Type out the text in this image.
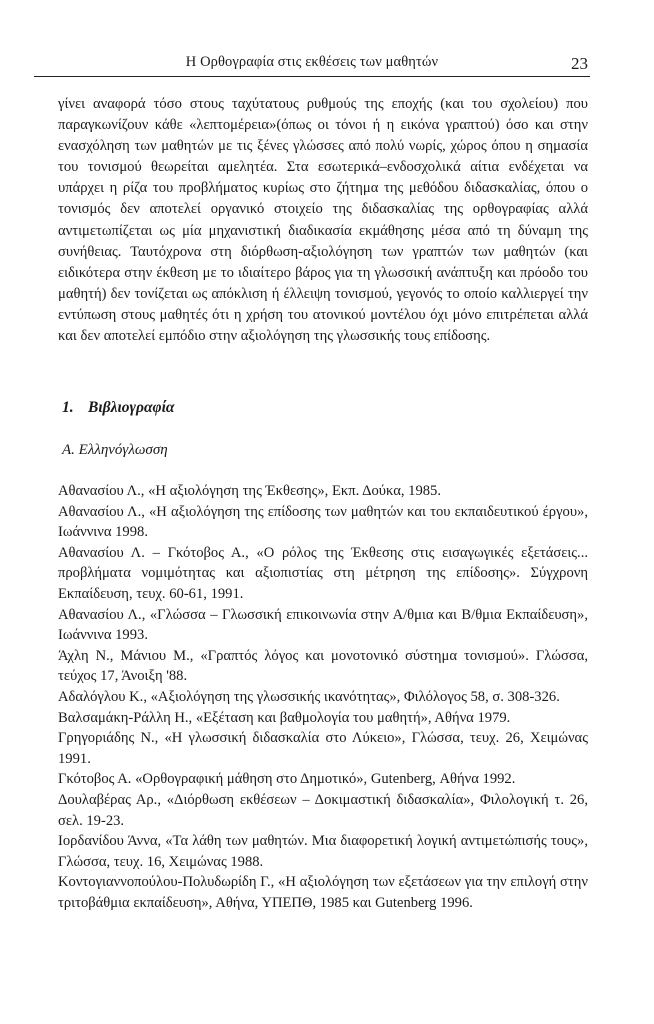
Η Ορθογραφία στις εκθέσεις των μαθητών	23

γίνει αναφορά τόσο στους ταχύτατους ρυθμούς της εποχής (και του σχολείου) που παραγκωνίζουν κάθε «λεπτομέρεια»(όπως οι τόνοι ή η εικόνα γραπτού) όσο και στην ενασχόληση των μαθητών με τις ξένες γλώσσες από πολύ νωρίς, χώρος όπου η σημασία του τονισμού θεωρείται αμελητέα. Στα εσωτερικά–ενδοσχολικά αίτια ενδέχεται να υπάρχει η ρίζα του προβλήματος κυρίως στο ζήτημα της μεθόδου διδασκαλίας, όπου ο τονισμός δεν αποτελεί οργανικό στοιχείο της διδασκαλίας της ορθογραφίας αλλά αντιμετωπίζεται ως μία μηχανιστική διαδικασία εκμάθησης μέσα από τη δύναμη της συνήθειας. Ταυτόχρονα στη διόρθωση-αξιολόγηση των γραπτών των μαθητών (και ειδικότερα στην έκθεση με το ιδιαίτερο βάρος για τη γλωσσική ανάπτυξη και πρόοδο του μαθητή) δεν τονίζεται ως απόκλιση ή έλλειψη τονισμού, γεγονός το οποίο καλλιεργεί την εντύπωση στους μαθητές ότι η χρήση του ατονικού μοντέλου όχι μόνο επιτρέπεται αλλά και δεν αποτελεί εμπόδιο στην αξιολόγηση της γλωσσικής τους επίδοσης.

1. Βιβλιογραφία
Α. Ελληνόγλωσση
Αθανασίου Λ., «Η αξιολόγηση της Έκθεσης», Εκπ. Δούκα, 1985.
Αθανασίου Λ., «Η αξιολόγηση της επίδοσης των μαθητών και του εκπαιδευτικού έργου», Ιωάννινα 1998.
Αθανασίου Λ. – Γκότοβος Α., «Ο ρόλος της Έκθεσης στις εισαγωγικές εξετάσεις... προβλήματα νομιμότητας και αξιοπιστίας στη μέτρηση της επίδοσης». Σύγχρονη Εκπαίδευση, τευχ. 60-61, 1991.
Αθανασίου Λ., «Γλώσσα – Γλωσσική επικοινωνία στην Α/θμια και Β/θμια Εκπαίδευση», Ιωάννινα 1993.
Άχλη Ν., Μάνιου Μ., «Γραπτός λόγος και μονοτονικό σύστημα τονισμού». Γλώσσα, τεύχος 17, Άνοιξη '88.
Αδαλόγλου Κ., «Αξιολόγηση της γλωσσικής ικανότητας», Φιλόλογος 58, σ. 308-326.
Βαλσαμάκη-Ράλλη Η., «Εξέταση και βαθμολογία του μαθητή», Αθήνα 1979.
Γρηγοριάδης Ν., «Η γλωσσική διδασκαλία στο Λύκειο», Γλώσσα, τευχ. 26, Χειμώνας 1991.
Γκότοβος Α. «Ορθογραφική μάθηση στο Δημοτικό», Gutenberg, Αθήνα 1992.
Δουλαβέρας Αρ., «Διόρθωση εκθέσεων – Δοκιμαστική διδασκαλία», Φιλολογική τ. 26, σελ. 19-23.
Ιορδανίδου Άννα, «Τα λάθη των μαθητών. Μια διαφορετική λογική αντιμετώπισής τους», Γλώσσα, τευχ. 16, Χειμώνας 1988.
Κοντογιαννοπούλου-Πολυδωρίδη Γ., «Η αξιολόγηση των εξετάσεων για την επιλογή στην τριτοβάθμια εκπαίδευση», Αθήνα, ΥΠΕΠΘ, 1985 και Gutenberg 1996.
